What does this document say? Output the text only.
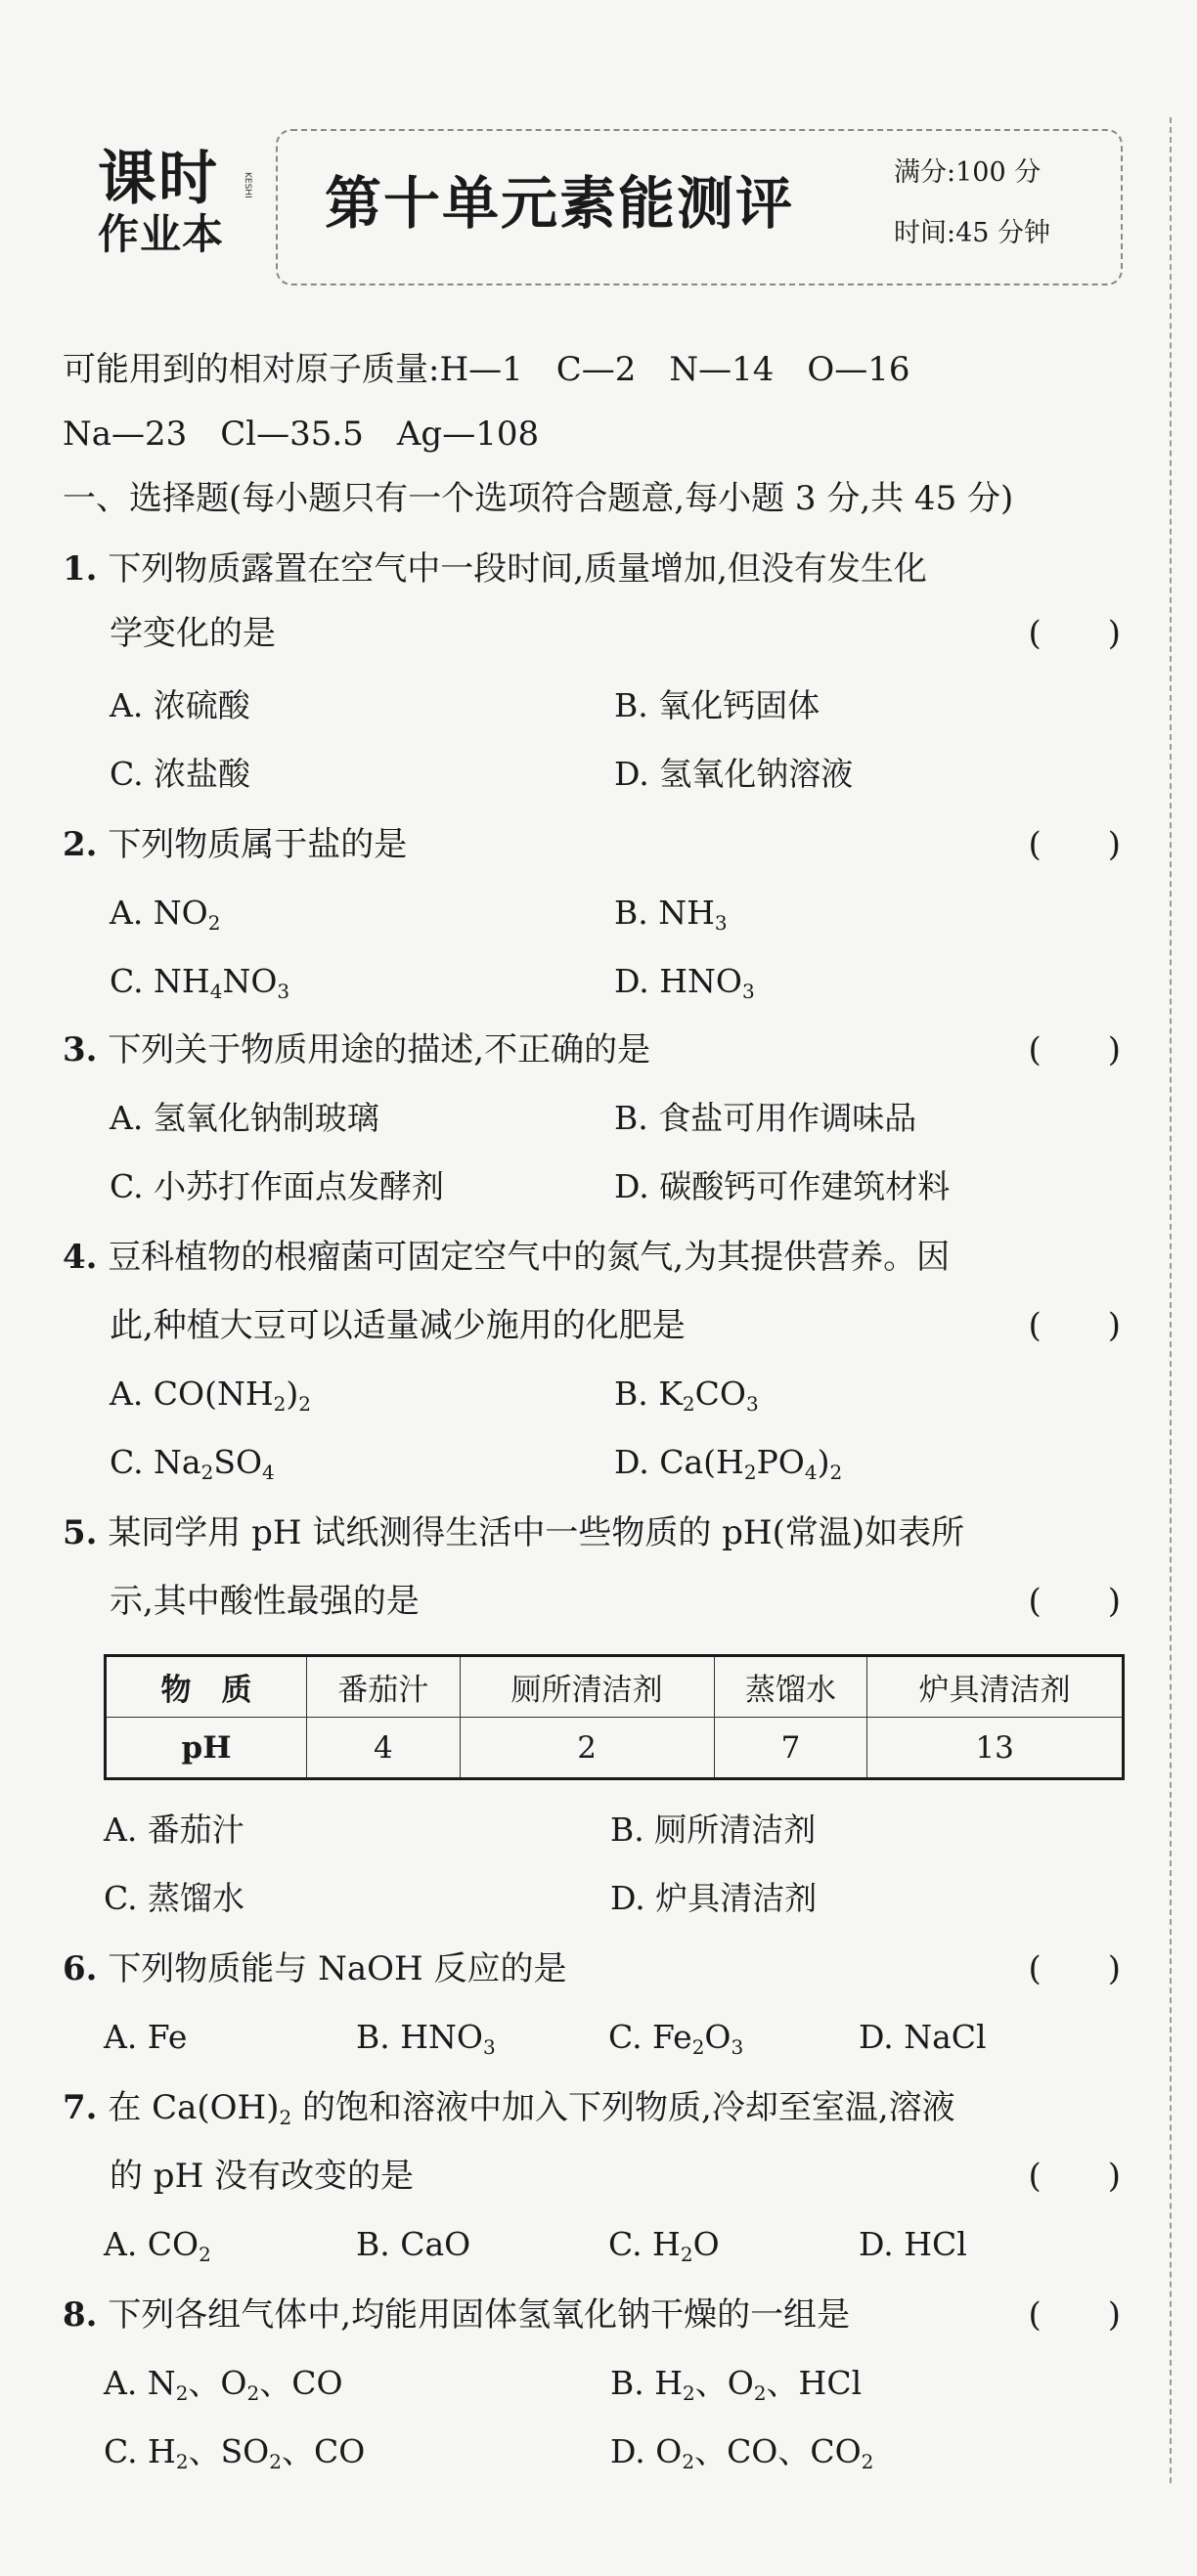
课时
作业本
KESHI 第十单元素能测评	满分:100 分
时间:45 分钟
可能用到的相对原子质量:H—1　C—2　N—14　O—16
Na—23　Cl—35.5　Ag—108
一、选择题(每小题只有一个选项符合题意,每小题 3 分,共 45 分)
1. 下列物质露置在空气中一段时间,质量增加,但没有发生化
学变化的是	(　　)
A. 浓硫酸	B. 氧化钙固体
C. 浓盐酸	D. 氢氧化钠溶液
2. 下列物质属于盐的是	(　　)
A. $NO_2$	B. $NH_3$
C. $NH_4NO_3$	D. $HNO_3$
3. 下列关于物质用途的描述,不正确的是	(　　)
A. 氢氧化钠制玻璃	B. 食盐可用作调味品
C. 小苏打作面点发酵剂	D. 碳酸钙可作建筑材料
4. 豆科植物的根瘤菌可固定空气中的氮气,为其提供营养。因
此,种植大豆可以适量减少施用的化肥是	(　　)
A. $CO(NH_2)_2$	B. $K_2CO_3$
C. $Na_2SO_4$	D. $Ca(H_2PO_4)_2$
5. 某同学用 pH 试纸测得生活中一些物质的 pH(常温)如表所
示,其中酸性最强的是	(　　)
物　质	番茄汁	厕所清洁剂	蒸馏水	炉具清洁剂
pH	4	2	7	13
A. 番茄汁	B. 厕所清洁剂
C. 蒸馏水	D. 炉具清洁剂
6. 下列物质能与 NaOH 反应的是	(　　)
A. Fe	B. $HNO_3$	C. $Fe_2O_3$	D. NaCl
7. 在 $Ca(OH)_2$ 的饱和溶液中加入下列物质,冷却至室温,溶液
的 pH 没有改变的是	(　　)
A. $CO_2$	B. CaO	C. $H_2O$	D. HCl
8. 下列各组气体中,均能用固体氢氧化钠干燥的一组是	(　　)
A. $N_2$、$O_2$、CO	B. $H_2$、$O_2$、HCl
C. $H_2$、$SO_2$、CO	D. $O_2$、CO、$CO_2$
